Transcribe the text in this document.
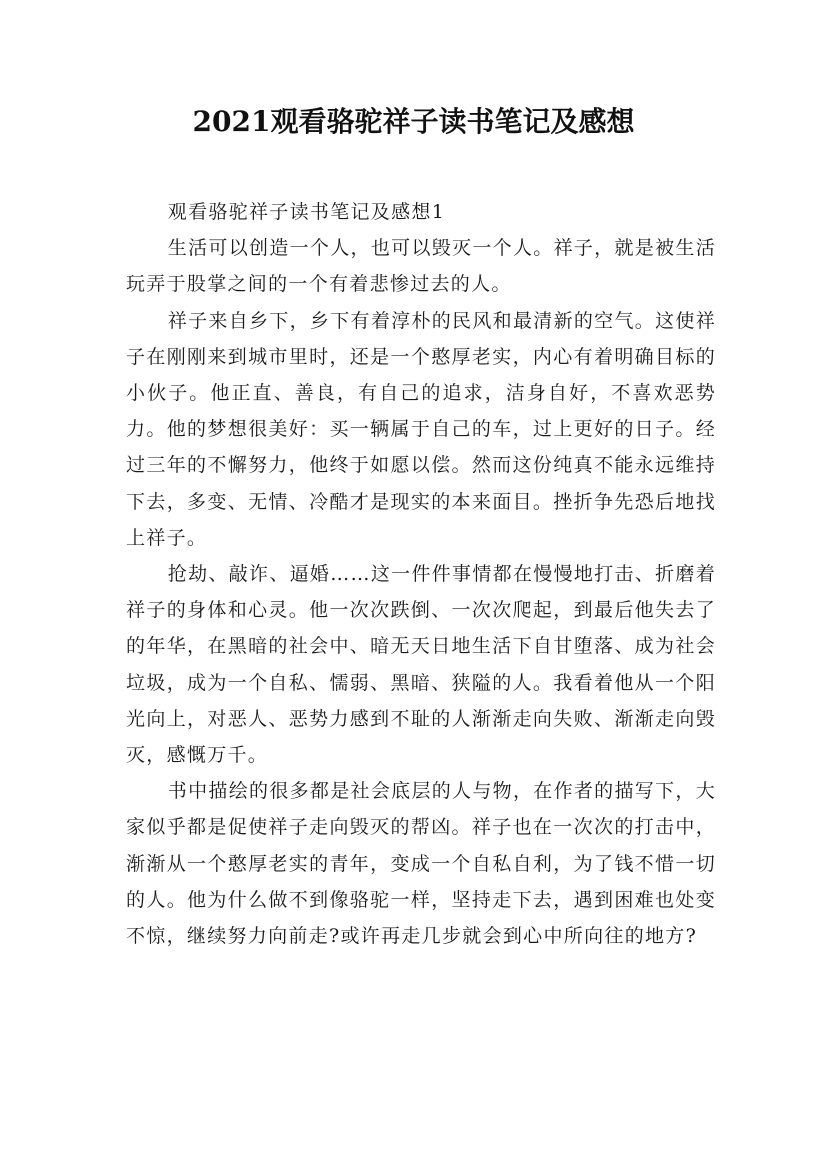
2021观看骆驼祥子读书笔记及感想

观看骆驼祥子读书笔记及感想1

生活可以创造一个人，也可以毁灭一个人。祥子，就是被生活玩弄于股掌之间的一个有着悲惨过去的人。

祥子来自乡下，乡下有着淳朴的民风和最清新的空气。这使祥子在刚刚来到城市里时，还是一个憨厚老实，内心有着明确目标的小伙子。他正直、善良，有自己的追求，洁身自好，不喜欢恶势力。他的梦想很美好：买一辆属于自己的车，过上更好的日子。经过三年的不懈努力，他终于如愿以偿。然而这份纯真不能永远维持下去，多变、无情、冷酷才是现实的本来面目。挫折争先恐后地找上祥子。

抢劫、敲诈、逼婚……这一件件事情都在慢慢地打击、折磨着祥子的身体和心灵。他一次次跌倒、一次次爬起，到最后他失去了的年华，在黑暗的社会中、暗无天日地生活下自甘堕落、成为社会垃圾，成为一个自私、懦弱、黑暗、狭隘的人。我看着他从一个阳光向上，对恶人、恶势力感到不耻的人渐渐走向失败、渐渐走向毁灭，感慨万千。

书中描绘的很多都是社会底层的人与物，在作者的描写下，大家似乎都是促使祥子走向毁灭的帮凶。祥子也在一次次的打击中，渐渐从一个憨厚老实的青年，变成一个自私自利，为了钱不惜一切的人。他为什么做不到像骆驼一样，坚持走下去，遇到困难也处变不惊，继续努力向前走?或许再走几步就会到心中所向往的地方?
